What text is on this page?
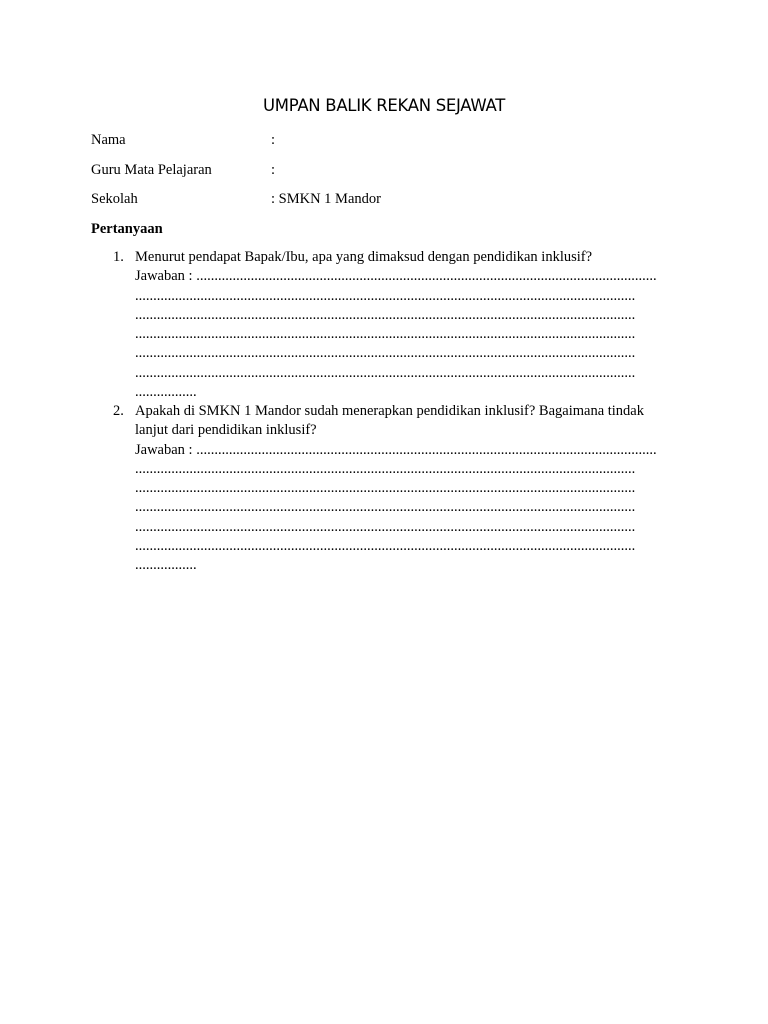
UMPAN BALIK REKAN SEJAWAT
Nama	:
Guru Mata Pelajaran	:
Sekolah	: SMKN 1 Mandor
Pertanyaan
1. Menurut pendapat Bapak/Ibu, apa yang dimaksud dengan pendidikan inklusif?
Jawaban : ...............................................................................................................................
..........................................................................................................................................
..........................................................................................................................................
..........................................................................................................................................
..........................................................................................................................................
..........................................................................................................................................
.................
2. Apakah di SMKN 1 Mandor sudah menerapkan pendidikan inklusif? Bagaimana tindak
lanjut dari pendidikan inklusif?
Jawaban : ...............................................................................................................................
..........................................................................................................................................
..........................................................................................................................................
..........................................................................................................................................
..........................................................................................................................................
..........................................................................................................................................
.................
